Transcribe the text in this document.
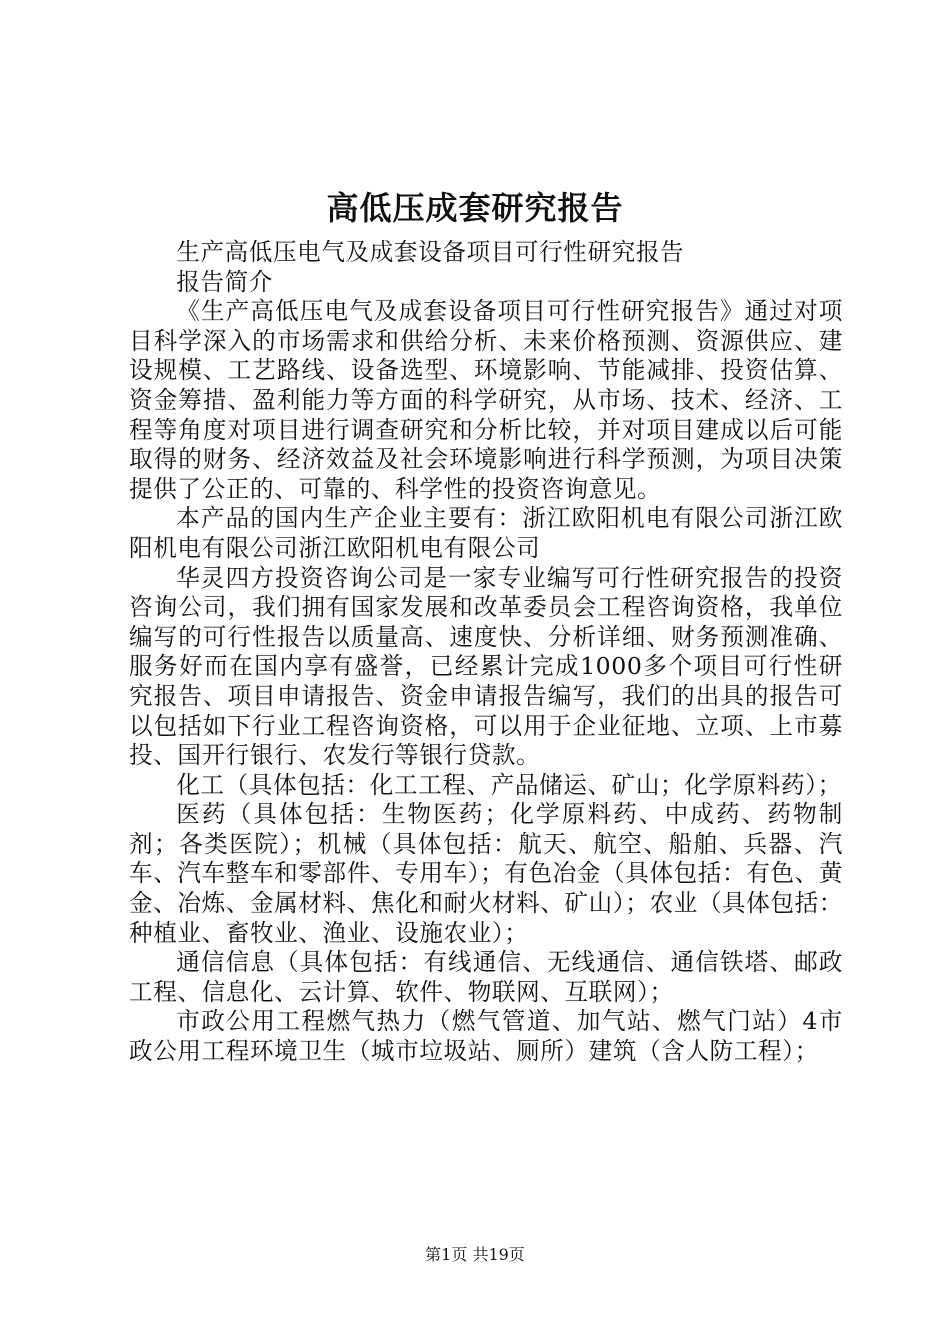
高低压成套研究报告

生产高低压电气及成套设备项目可行性研究报告

报告简介

《生产高低压电气及成套设备项目可行性研究报告》通过对项目科学深入的市场需求和供给分析、未来价格预测、资源供应、建设规模、工艺路线、设备选型、环境影响、节能减排、投资估算、资金筹措、盈利能力等方面的科学研究，从市场、技术、经济、工程等角度对项目进行调查研究和分析比较，并对项目建成以后可能取得的财务、经济效益及社会环境影响进行科学预测，为项目决策提供了公正的、可靠的、科学性的投资咨询意见。

本产品的国内生产企业主要有：浙江欧阳机电有限公司浙江欧阳机电有限公司浙江欧阳机电有限公司

华灵四方投资咨询公司是一家专业编写可行性研究报告的投资咨询公司，我们拥有国家发展和改革委员会工程咨询资格，我单位编写的可行性报告以质量高、速度快、分析详细、财务预测准确、服务好而在国内享有盛誉，已经累计完成1000多个项目可行性研究报告、项目申请报告、资金申请报告编写，我们的出具的报告可以包括如下行业工程咨询资格，可以用于企业征地、立项、上市募投、国开行银行、农发行等银行贷款。

化工（具体包括：化工工程、产品储运、矿山；化学原料药）；

医药（具体包括：生物医药；化学原料药、中成药、药物制剂；各类医院）；机械（具体包括：航天、航空、船舶、兵器、汽车、汽车整车和零部件、专用车）；有色冶金（具体包括：有色、黄金、冶炼、金属材料、焦化和耐火材料、矿山）；农业（具体包括：种植业、畜牧业、渔业、设施农业）；

通信信息（具体包括：有线通信、无线通信、通信铁塔、邮政工程、信息化、云计算、软件、物联网、互联网）；

市政公用工程燃气热力（燃气管道、加气站、燃气门站）4市政公用工程环境卫生（城市垃圾站、厕所）建筑（含人防工程）；

第1页 共19页
